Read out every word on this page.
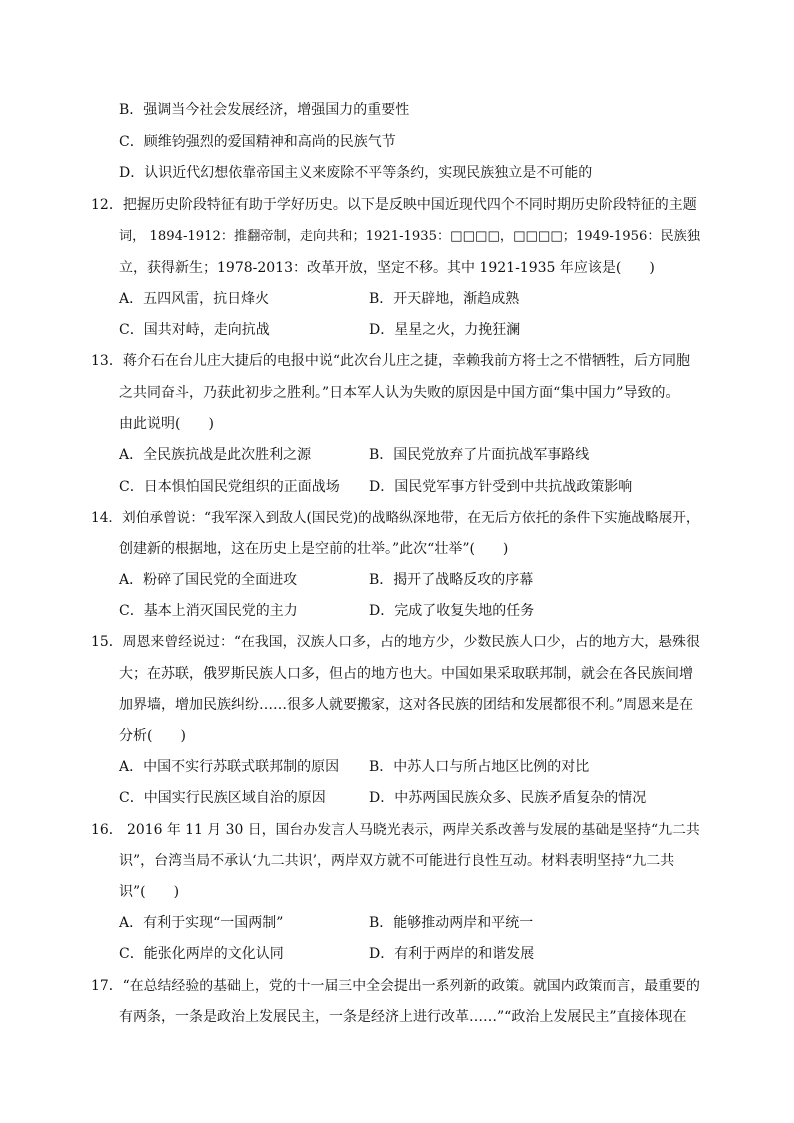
B．强调当今社会发展经济，增强国力的重要性
C．顾维钧强烈的爱国精神和高尚的民族气节
D．认识近代幻想依靠帝国主义来废除不平等条约，实现民族独立是不可能的
12．把握历史阶段特征有助于学好历史。以下是反映中国近现代四个不同时期历史阶段特征的主题
词， 1894-1912：推翻帝制，走向共和；1921-1935：□□□□，□□□□；1949-1956：民族独
立，获得新生；1978-2013：改革开放，坚定不移。其中 1921-1935 年应该是(　　)
A．五四风雷，抗日烽火	B．开天辟地，渐趋成熟
C．国共对峙，走向抗战	D．星星之火，力挽狂澜
13．蒋介石在台儿庄大捷后的电报中说“此次台儿庄之捷，幸赖我前方将士之不惜牺牲，后方同胞
之共同奋斗，乃获此初步之胜利。”日本军人认为失败的原因是中国方面“集中国力”导致的。
由此说明(　　)
A．全民族抗战是此次胜利之源	B．国民党放弃了片面抗战军事路线
C．日本惧怕国民党组织的正面战场 D．国民党军事方针受到中共抗战政策影响
14．刘伯承曾说：“我军深入到敌人(国民党)的战略纵深地带，在无后方依托的条件下实施战略展开，
创建新的根据地，这在历史上是空前的壮举。”此次“壮举”(　　)
A．粉碎了国民党的全面进攻	B．揭开了战略反攻的序幕
C．基本上消灭国民党的主力	D．完成了收复失地的任务
15．周恩来曾经说过：“在我国，汉族人口多，占的地方少，少数民族人口少，占的地方大，悬殊很
大；在苏联，俄罗斯民族人口多，但占的地方也大。中国如果采取联邦制，就会在各民族间增
加界墙，增加民族纠纷……很多人就要搬家，这对各民族的团结和发展都很不利。”周恩来是在
分析(　　)
A．中国不实行苏联式联邦制的原因 B．中苏人口与所占地区比例的对比
C．中国实行民族区域自治的原因	D．中苏两国民族众多、民族矛盾复杂的情况
16． 2016 年 11 月 30 日，国台办发言人马晓光表示，两岸关系改善与发展的基础是坚持“九二共
识”，台湾当局不承认‘九二共识’，两岸双方就不可能进行良性互动。材料表明坚持“九二共
识”(　　)
A．有利于实现“一国两制”	B．能够推动两岸和平统一
C．能张化两岸的文化认同	D．有利于两岸的和谐发展
17．“在总结经验的基础上，党的十一届三中全会提出一系列新的政策。就国内政策而言，最重要的
有两条，一条是政治上发展民主，一条是经济上进行改革……”“政治上发展民主”直接体现在
